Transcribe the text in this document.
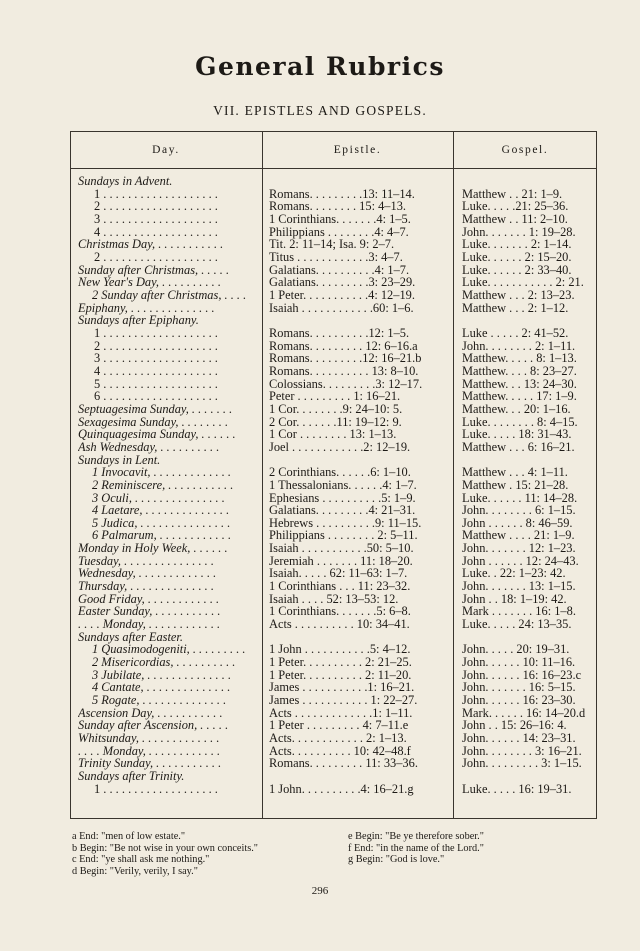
General Rubrics
VII. EPISTLES AND GOSPELS.
Day.	Epistle.	Gospel.
Sundays in Advent.
1 . . . . . . . . . . . . . . . . . . .	Romans. . . . . . . . .13: 11–14.	Matthew . . 21: 1–9.
2 . . . . . . . . . . . . . . . . . . .	Romans. . . . . . . . 15: 4–13.	Luke. . . . .21: 25–36.
3 . . . . . . . . . . . . . . . . . . .	1 Corinthians. . . . . . .4: 1–5.	Matthew . . 11: 2–10.
4 . . . . . . . . . . . . . . . . . . .	Philippians . . . . . . . .4: 4–7.	John. . . . . . . 1: 19–28.
Christmas Day, . . . . . . . . . . .	Tit. 2: 11–14; Isa. 9: 2–7.	Luke. . . . . . . 2: 1–14.
2 . . . . . . . . . . . . . . . . . . .	Titus . . . . . . . . . . . .3: 4–7.	Luke. . . . . . 2: 15–20.
Sunday after Christmas, . . . . .	Galatians. . . . . . . . . .4: 1–7.	Luke. . . . . . 2: 33–40.
New Year's Day, . . . . . . . . . .	Galatians. . . . . . . . .3: 23–29.	Luke. . . . . . . . . . . 2: 21.
2 Sunday after Christmas, . . . .	1 Peter. . . . . . . . . . .4: 12–19.	Matthew . . . 2: 13–23.
Epiphany, . . . . . . . . . . . . . .	Isaiah . . . . . . . . . . . .60: 1–6.	Matthew . . . 2: 1–12.
Sundays after Epiphany.
1 . . . . . . . . . . . . . . . . . . .	Romans. . . . . . . . . .12: 1–5.	Luke . . . . . 2: 41–52.
2 . . . . . . . . . . . . . . . . . . .	Romans. . . . . . . . . 12: 6–16.a	John. . . . . . . . 2: 1–11.
3 . . . . . . . . . . . . . . . . . . .	Romans. . . . . . . . .12: 16–21.b	Matthew. . . . . 8: 1–13.
4 . . . . . . . . . . . . . . . . . . .	Romans. . . . . . . . . . 13: 8–10.	Matthew. . . . 8: 23–27.
5 . . . . . . . . . . . . . . . . . . .	Colossians. . . . . . . . .3: 12–17.	Matthew. . . 13: 24–30.
6 . . . . . . . . . . . . . . . . . . .	Peter . . . . . . . . . 1: 16–21.	Matthew. . . . . 17: 1–9.
Septuagesima Sunday, . . . . . . .	1 Cor. . . . . . . .9: 24–10: 5.	Matthew. . . 20: 1–16.
Sexagesima Sunday, . . . . . . . .	2 Cor. . . . . . .11: 19–12: 9.	Luke. . . . . . . . 8: 4–15.
Quinquagesima Sunday, . . . . . .	1 Cor . . . . . . . . 13: 1–13.	Luke. . . . . 18: 31–43.
Ash Wednesday, . . . . . . . . . .	Joel . . . . . . . . . . . .2: 12–19.	Matthew . . . 6: 16–21.
Sundays in Lent.
1 Invocavit, . . . . . . . . . . . . .	2 Corinthians. . . . . .6: 1–10.	Matthew . . . 4: 1–11.
2 Reminiscere, . . . . . . . . . . .	1 Thessalonians. . . . . .4: 1–7.	Matthew . 15: 21–28.
3 Oculi, . . . . . . . . . . . . . . .	Ephesians . . . . . . . . . .5: 1–9.	Luke. . . . . . 11: 14–28.
4 Laetare, . . . . . . . . . . . . . .	Galatians. . . . . . . . .4: 21–31.	John. . . . . . . . 6: 1–15.
5 Judica, . . . . . . . . . . . . . . .	Hebrews . . . . . . . . . .9: 11–15.	John . . . . . . 8: 46–59.
6 Palmarum, . . . . . . . . . . . .	Philippians . . . . . . . . 2: 5–11.	Matthew . . . . 21: 1–9.
Monday in Holy Week, . . . . . .	Isaiah . . . . . . . . . . .50: 5–10.	John. . . . . . . 12: 1–23.
Tuesday, . . . . . . . . . . . . . . .	Jeremiah . . . . . . . 11: 18–20.	John . . . . . . 12: 24–43.
Wednesday, . . . . . . . . . . . . .	Isaiah. . . . . 62: 11–63: 1–7.	Luke. . 22: 1–23: 42.
Thursday, . . . . . . . . . . . . . .	1 Corinthians . . . 11: 23–32.	John. . . . . . . 13: 1–15.
Good Friday, . . . . . . . . . . . .	Isaiah . . . . 52: 13–53: 12.	John . . 18: 1–19: 42.
Easter Sunday, . . . . . . . . . . .	1 Corinthians. . . . . . .5: 6–8.	Mark . . . . . . . 16: 1–8.
. . . . Monday, . . . . . . . . . . . .	Acts . . . . . . . . . . 10: 34–41.	Luke. . . . . 24: 13–35.
Sundays after Easter.
1 Quasimodogeniti, . . . . . . . . .	1 John . . . . . . . . . . .5: 4–12.	John. . . . . 20: 19–31.
2 Misericordias, . . . . . . . . . .	1 Peter. . . . . . . . . . 2: 21–25.	John. . . . . . 10: 11–16.
3 Jubilate, . . . . . . . . . . . . . .	1 Peter. . . . . . . . . . 2: 11–20.	John. . . . . . 16: 16–23.c
4 Cantate, . . . . . . . . . . . . . .	James . . . . . . . . . . .1: 16–21.	John. . . . . . . 16: 5–15.
5 Rogate, . . . . . . . . . . . . . .	James . . . . . . . . . . . 1: 22–27.	John. . . . . . 16: 23–30.
Ascension Day, . . . . . . . . . . .	Acts . . . . . . . . . . . . .1: 1–11.	Mark. . . . . . 16: 14–20.d
Sunday after Ascension, . . . . .	1 Peter . . . . . . . . . 4: 7–11.e	John . . 15: 26–16: 4.
Whitsunday, . . . . . . . . . . . . .	Acts. . . . . . . . . . . . 2: 1–13.	John. . . . . . 14: 23–31.
. . . . Monday, . . . . . . . . . . . .	Acts. . . . . . . . . . 10: 42–48.f	John. . . . . . . . 3: 16–21.
Trinity Sunday, . . . . . . . . . . .	Romans. . . . . . . . . 11: 33–36.	John. . . . . . . . . 3: 1–15.
Sundays after Trinity.
1 . . . . . . . . . . . . . . . . . . .	1 John. . . . . . . . . .4: 16–21.g	Luke. . . . . 16: 19–31.
a End: "men of low estate."
b Begin: "Be not wise in your own conceits."
c End: "ye shall ask me nothing."
d Begin: "Verily, verily, I say."
e Begin: "Be ye therefore sober."
f End: "in the name of the Lord."
g Begin: "God is love."
296
